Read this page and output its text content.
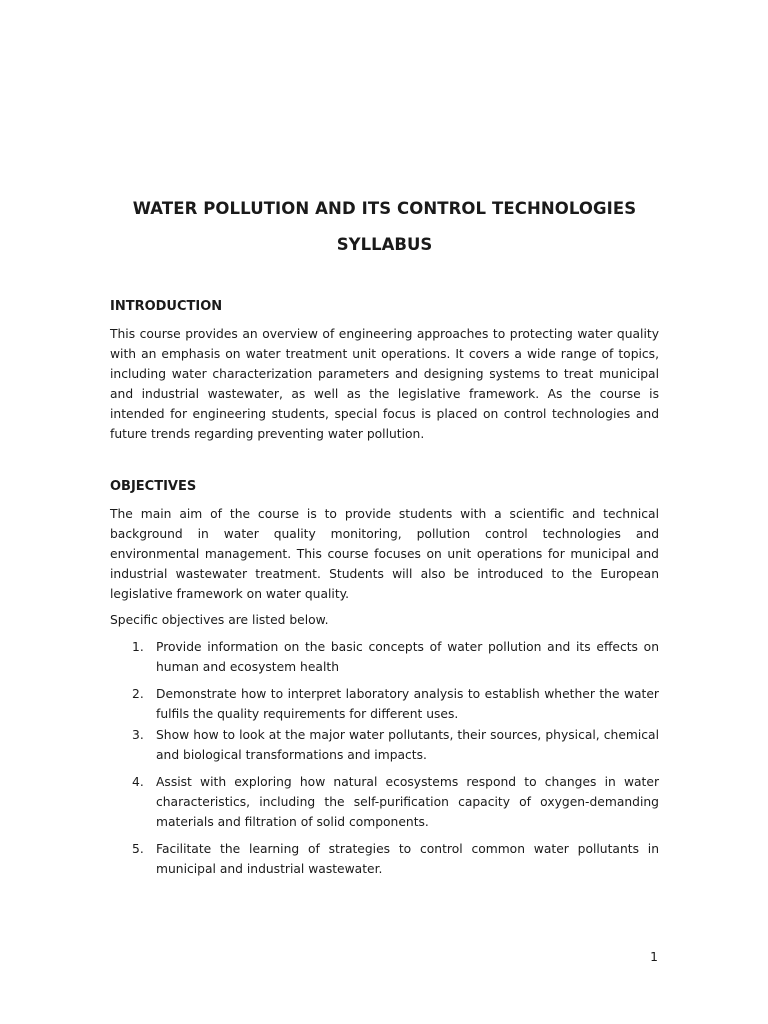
WATER POLLUTION AND ITS CONTROL TECHNOLOGIES
SYLLABUS
INTRODUCTION

This course provides an overview of engineering approaches to protecting water quality with an emphasis on water treatment unit operations. It covers a wide range of topics, including water characterization parameters and designing systems to treat municipal and industrial wastewater, as well as the legislative framework. As the course is intended for engineering students, special focus is placed on control technologies and future trends regarding preventing water pollution.

OBJECTIVES

The main aim of the course is to provide students with a scientific and technical background in water quality monitoring, pollution control technologies and environmental management. This course focuses on unit operations for municipal and industrial wastewater treatment. Students will also be introduced to the European legislative framework on water quality.

Specific objectives are listed below.

1. Provide information on the basic concepts of water pollution and its effects on human and ecosystem health
2. Demonstrate how to interpret laboratory analysis to establish whether the water fulfils the quality requirements for different uses.
3. Show how to look at the major water pollutants, their sources, physical, chemical and biological transformations and impacts.
4. Assist with exploring how natural ecosystems respond to changes in water characteristics, including the self-purification capacity of oxygen-demanding materials and filtration of solid components.
5. Facilitate the learning of strategies to control common water pollutants in municipal and industrial wastewater.
1
